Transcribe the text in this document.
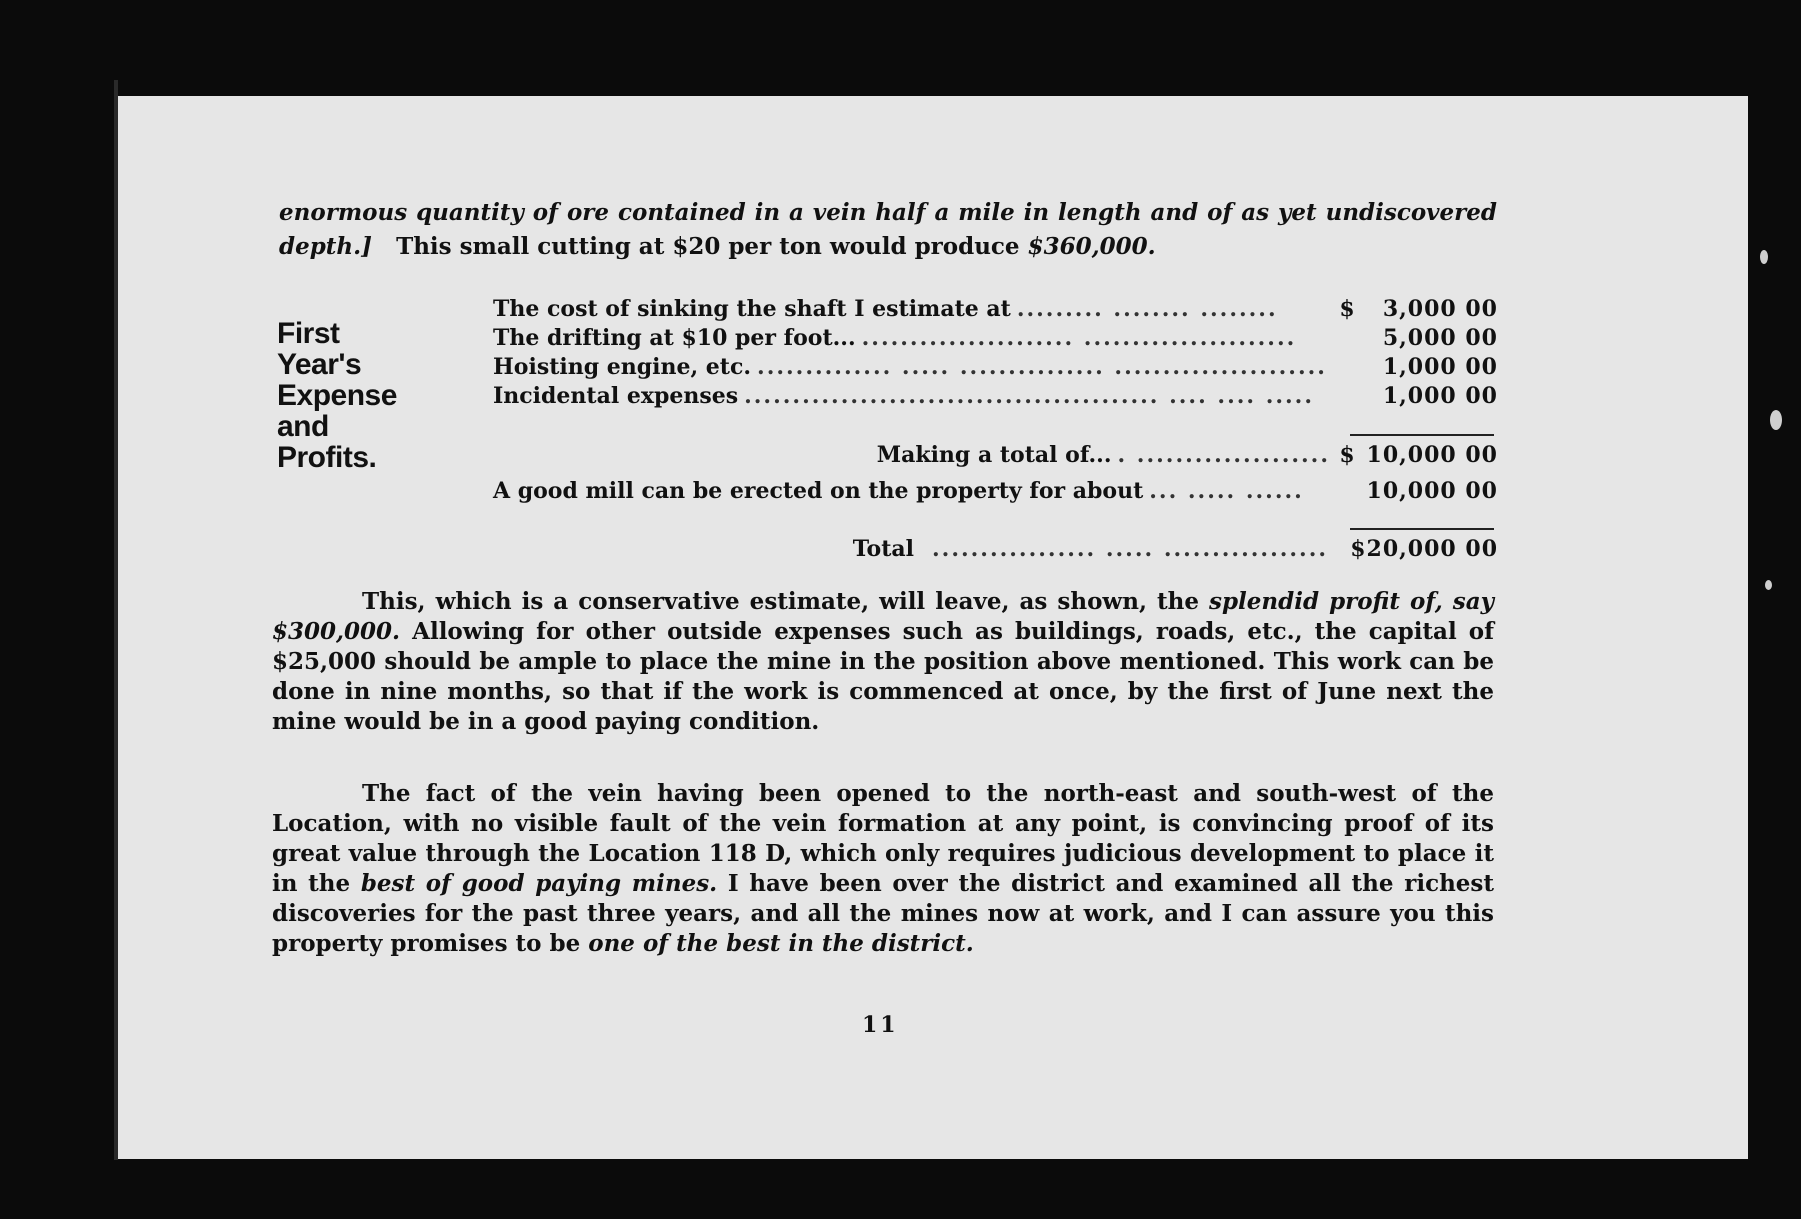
enormous quantity of ore contained in a vein half a mile in length and of as yet undiscovered depth.] This small cutting at $20 per ton would produce $360,000.
First
Year's
Expense
and
Profits.
The cost of sinking the shaft I estimate at ......... ........ ........	$	3,000 00
The drifting at $10 per foot... ...................... ......................	5,000 00
Hoisting engine, etc. .............. ..... ............... ......................	1,000 00
Incidental expenses ........................................... .... .... .....	1,000 00
Making a total of... . .................... $ 10,000 00
A good mill can be erected on the property for about ... ..... ......	10,000 00
Total ................. ..... .................	$20,000 00
This, which is a conservative estimate, will leave, as shown, the splendid profit of, say $300,000. Allowing for other outside expenses such as buildings, roads, etc., the capital of $25,000 should be ample to place the mine in the position above mentioned. This work can be done in nine months, so that if the work is commenced at once, by the first of June next the mine would be in a good paying condition.
The fact of the vein having been opened to the north-east and south-west of the Location, with no visible fault of the vein formation at any point, is convincing proof of its great value through the Location 118 D, which only requires judicious development to place it in the best of good paying mines. I have been over the district and examined all the richest discoveries for the past three years, and all the mines now at work, and I can assure you this property promises to be one of the best in the district.
11
